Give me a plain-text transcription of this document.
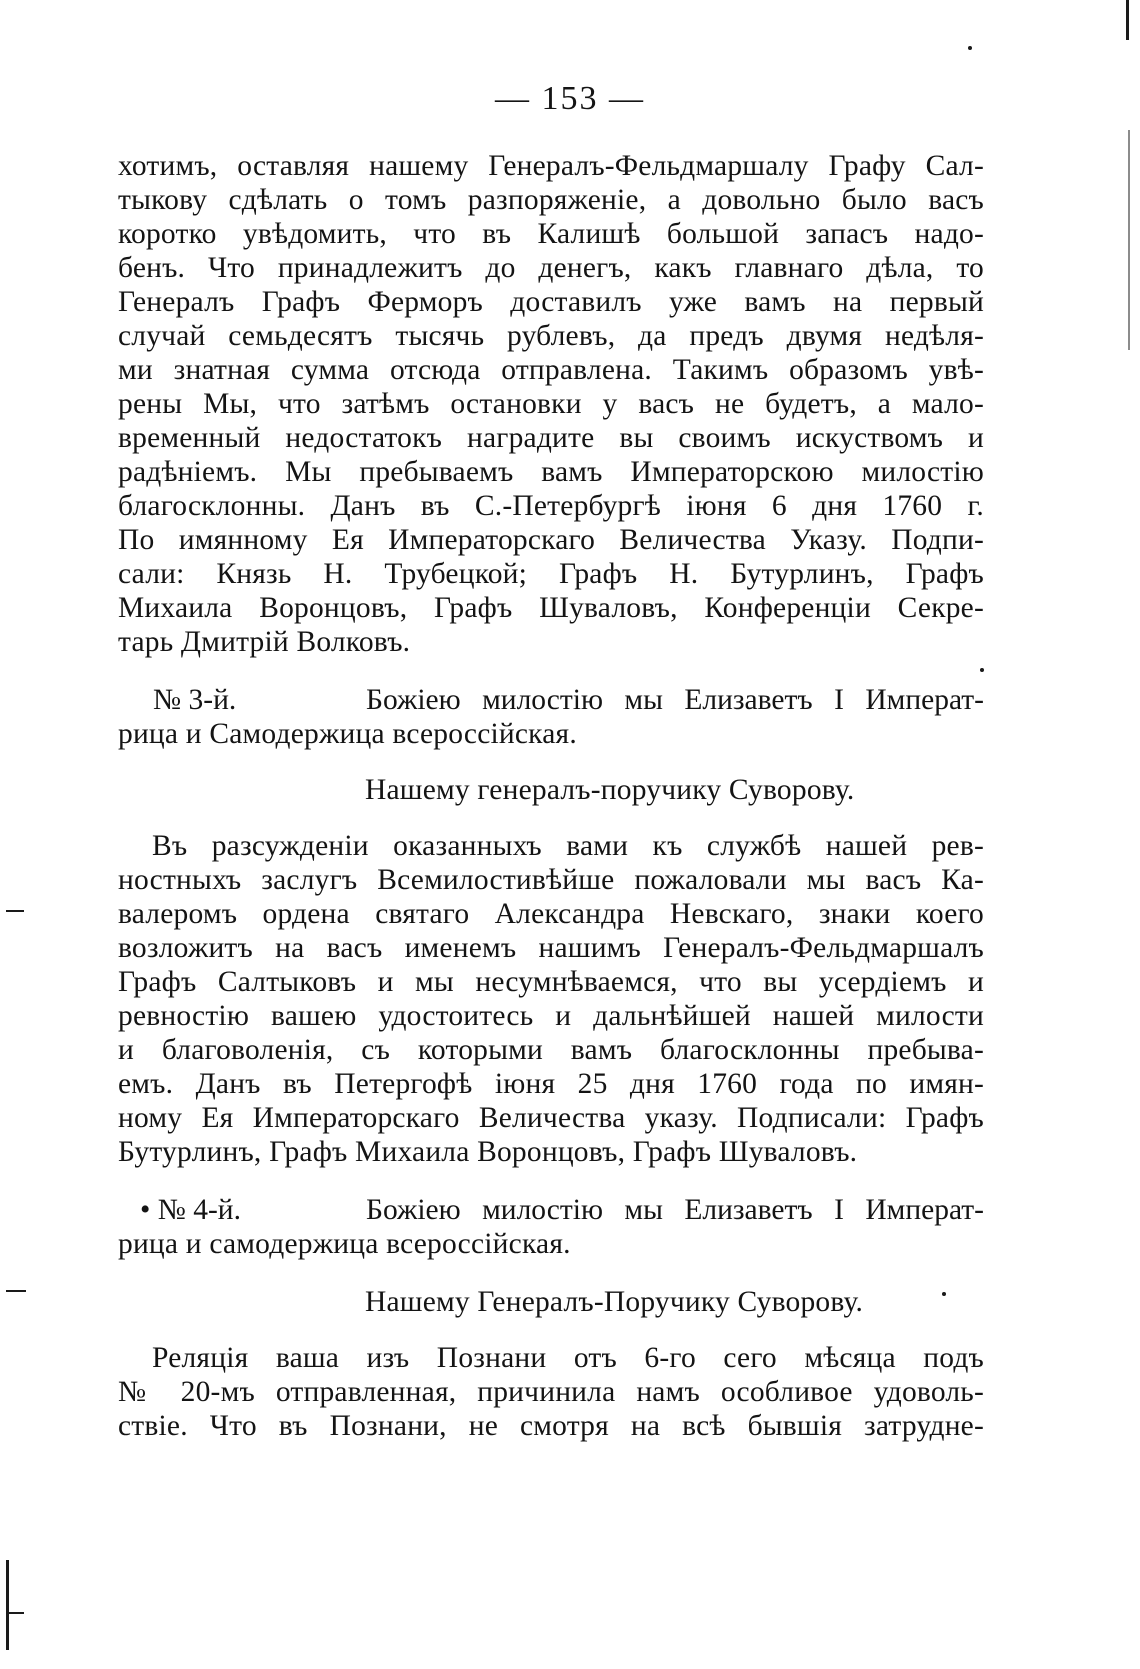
— 153 —
хотимъ, оставляя нашему Генералъ-Фельдмаршалу Графу Сал-
тыкову сдѣлать о томъ разпоряженіе, а довольно было васъ
коротко увѣдомить, что въ Калишѣ большой запасъ надо-
бенъ. Что принадлежитъ до денегъ, какъ главнаго дѣла, то
Генералъ Графъ Ферморъ доставилъ уже вамъ на первый
случай семьдесятъ тысячь рублевъ, да предъ двумя недѣля-
ми знатная сумма отсюда отправлена. Такимъ образомъ увѣ-
рены Мы, что затѣмъ остановки у васъ не будетъ, а мало-
временный недостатокъ наградите вы своимъ искуствомъ и
радѣніемъ. Мы пребываемъ вамъ Императорскою милостію
благосклонны. Данъ въ С.-Петербургѣ іюня 6 дня 1760 г.
По имянному Ея Императорскаго Величества Указу. Подпи-
сали: Князь Н. Трубецкой; Графъ Н. Бутурлинъ, Графъ
Михаила Воронцовъ, Графъ Шуваловъ, Конференціи Секре-
тарь Дмитрій Волковъ.
№ 3-й.	Божіею милостію мы Елизаветъ I Императ-
рица и Самодержица всероссійская.
Нашему генералъ-поручику Суворову.
Въ разсужденіи оказанныхъ вами къ службѣ нашей рев-
ностныхъ заслугъ Всемилостивѣйше пожаловали мы васъ Ка-
валеромъ ордена святаго Александра Невскаго, знаки коего
возложитъ на васъ именемъ нашимъ Генералъ-Фельдмаршалъ
Графъ Салтыковъ и мы несумнѣваемся, что вы усердіемъ и
ревностію вашею удостоитесь и дальнѣйшей нашей милости
и благоволенія, съ которыми вамъ благосклонны пребыва-
емъ. Данъ въ Петергофѣ іюня 25 дня 1760 года по имян-
ному Ея Императорскаго Величества указу. Подписали: Графъ
Бутурлинъ, Графъ Михаила Воронцовъ, Графъ Шуваловъ.
• № 4-й.	Божіею милостію мы Елизаветъ I Императ-
рица и самодержица всероссійская.
Нашему Генералъ-Поручику Суворову.
Реляція ваша изъ Познани отъ 6-го сего мѣсяца подъ
№ 20-мъ отправленная, причинила намъ особливое удоволь-
ствіе. Что въ Познани, не смотря на всѣ бывшія затрудне-
